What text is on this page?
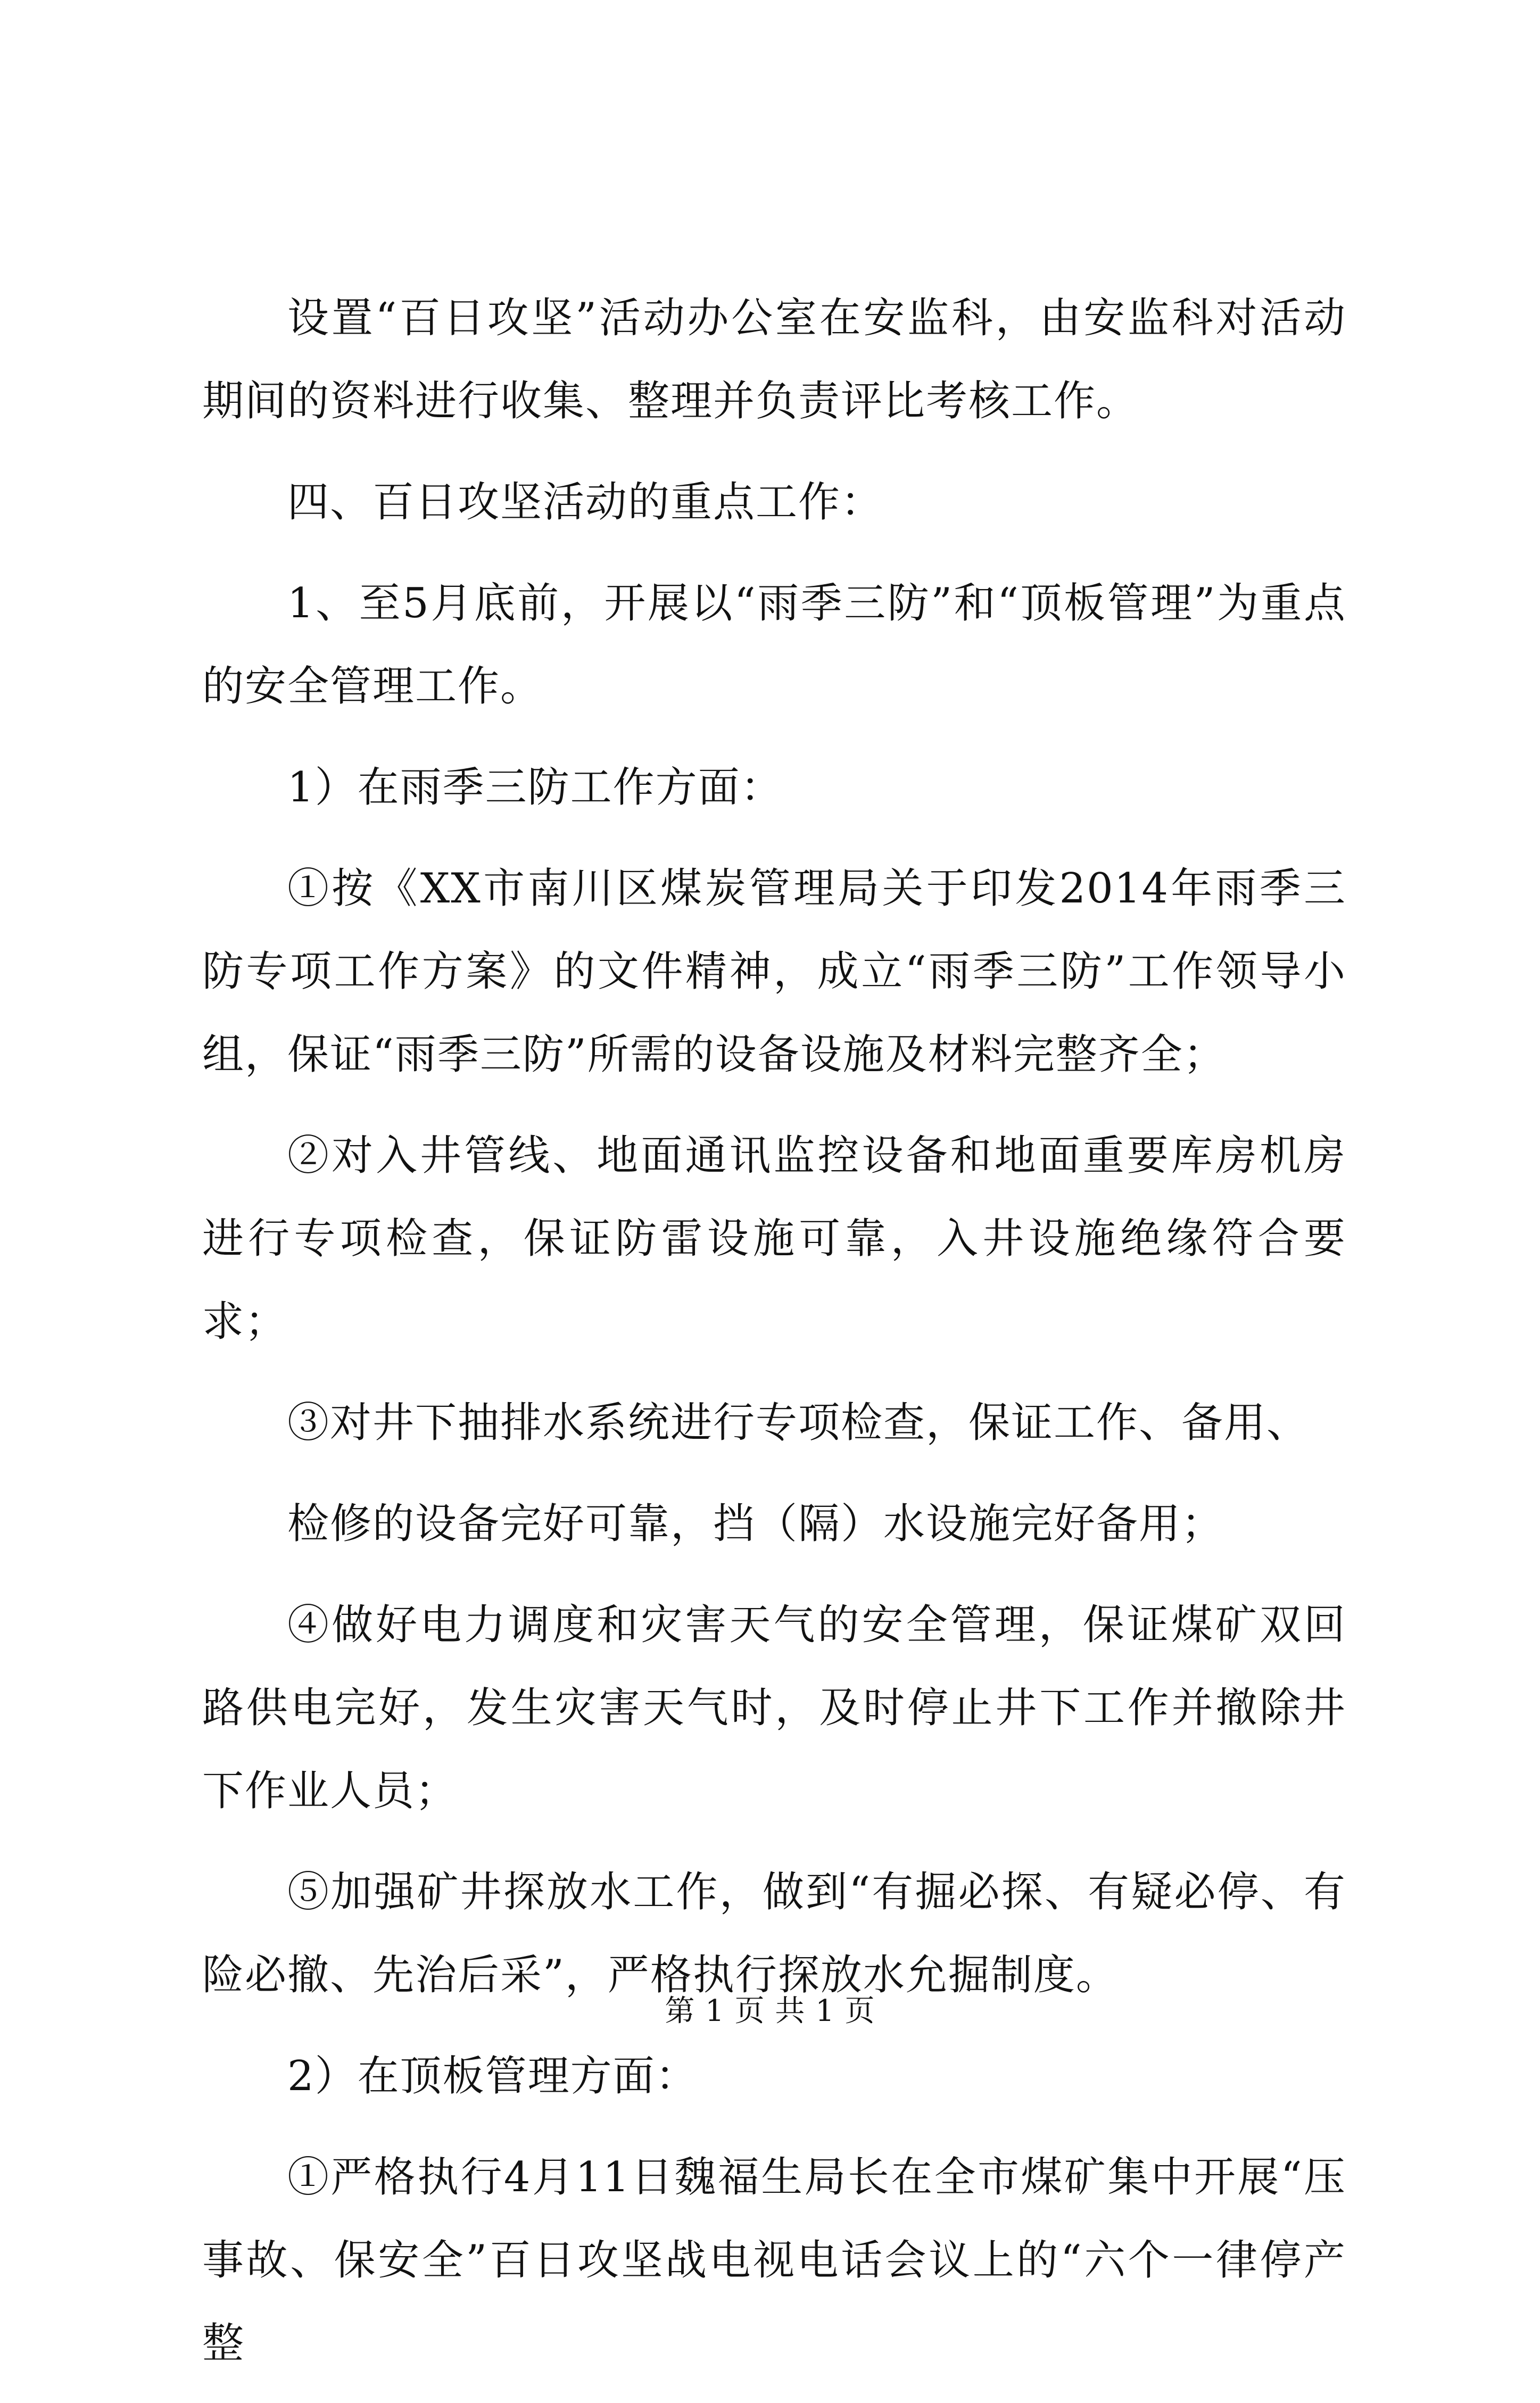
设置“百日攻坚”活动办公室在安监科，由安监科对活动期间的资料进行收集、整理并负责评比考核工作。

四、百日攻坚活动的重点工作：

1、至5月底前，开展以“雨季三防”和“顶板管理”为重点的安全管理工作。

1）在雨季三防工作方面：

①按《XX市南川区煤炭管理局关于印发2014年雨季三防专项工作方案》的文件精神，成立“雨季三防”工作领导小组，保证“雨季三防”所需的设备设施及材料完整齐全；

②对入井管线、地面通讯监控设备和地面重要库房机房进行专项检查，保证防雷设施可靠，入井设施绝缘符合要求；

③对井下抽排水系统进行专项检查，保证工作、备用、

检修的设备完好可靠，挡（隔）水设施完好备用；

④做好电力调度和灾害天气的安全管理，保证煤矿双回路供电完好，发生灾害天气时，及时停止井下工作并撤除井下作业人员；

⑤加强矿井探放水工作，做到“有掘必探、有疑必停、有险必撤、先治后采”，严格执行探放水允掘制度。

2）在顶板管理方面：

①严格执行4月11日魏福生局长在全市煤矿集中开展“压事故、保安全”百日攻坚战电视电话会议上的“六个一律停产整

第 1 页 共 1 页
